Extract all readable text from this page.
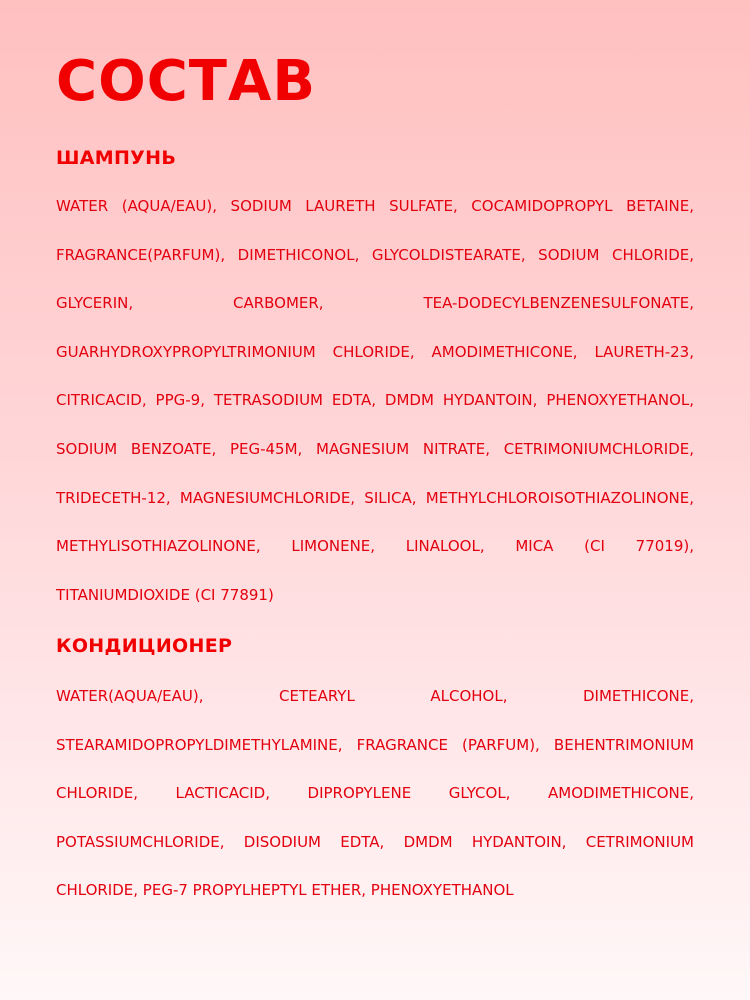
СОСТАВ
ШАМПУНЬ

WATER (AQUA/EAU), SODIUM LAURETH SULFATE, COCAMIDOPROPYL BETAINE, FRAGRANCE(PARFUM), DIMETHICONOL, GLYCOLDISTEARATE, SODIUM CHLORIDE, GLYCERIN, CARBOMER, TEA-DODECYLBENZENESULFONATE, GUARHYDROXYPROPYLTRIMONIUM CHLORIDE, AMODIMETHICONE, LAURETH-23, CITRICACID, PPG-9, TETRASODIUM EDTA, DMDM HYDANTOIN, PHENOXYETHANOL, SODIUM BENZOATE, PEG-45M, MAGNESIUM NITRATE, CETRIMONIUMCHLORIDE, TRIDECETH-12, MAGNESIUMCHLORIDE, SILICA, METHYLCHLOROISOTHIAZOLINONE, METHYLISOTHIAZOLINONE, LIMONENE, LINALOOL, MICA (CI 77019), TITANIUMDIOXIDE (CI 77891)

КОНДИЦИОНЕР

WATER(AQUA/EAU), CETEARYL ALCOHOL, DIMETHICONE, STEARAMIDOPROPYLDIMETHYLAMINE, FRAGRANCE (PARFUM), BEHENTRIMONIUM CHLORIDE, LACTICACID, DIPROPYLENE GLYCOL, AMODIMETHICONE, POTASSIUMCHLORIDE, DISODIUM EDTA, DMDM HYDANTOIN, CETRIMONIUM CHLORIDE, PEG-7 PROPYLHEPTYL ETHER, PHENOXYETHANOL
